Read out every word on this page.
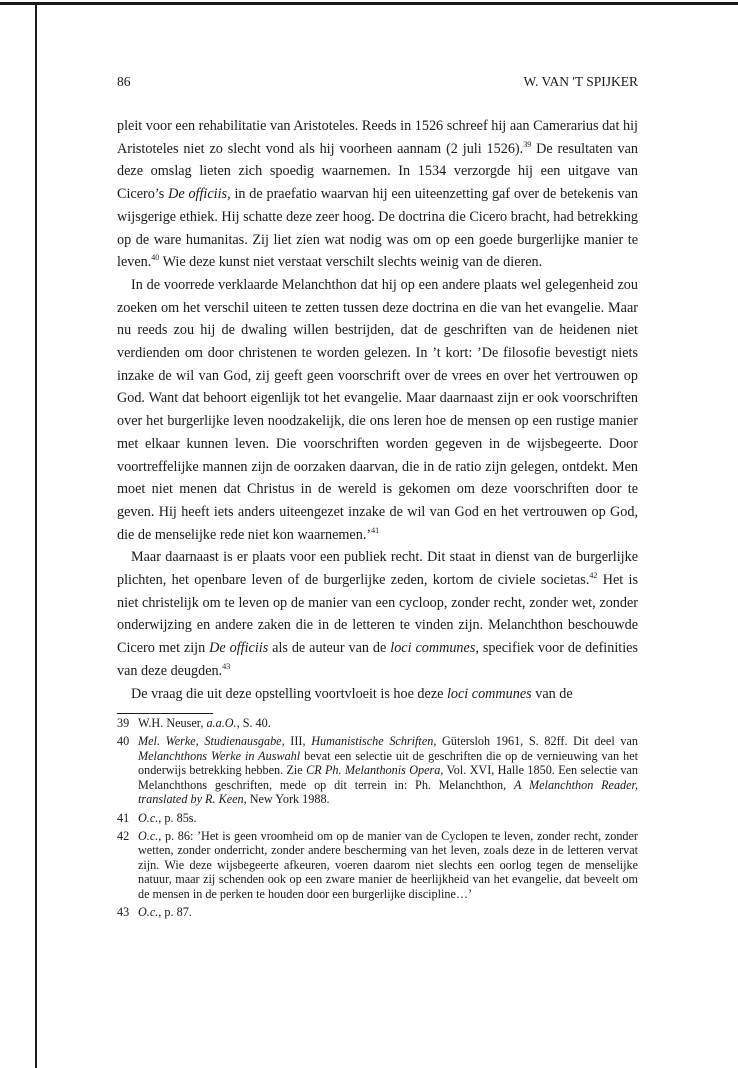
86	W. VAN 'T SPIJKER

pleit voor een rehabilitatie van Aristoteles. Reeds in 1526 schreef hij aan Camerarius dat hij Aristoteles niet zo slecht vond als hij voorheen aannam (2 juli 1526).$^{39}$ De resultaten van deze omslag lieten zich spoedig waarnemen. In 1534 verzorgde hij een uitgave van Cicero’s De officiis, in de praefatio waarvan hij een uiteenzetting gaf over de betekenis van wijsgerige ethiek. Hij schatte deze zeer hoog. De doctrina die Cicero bracht, had betrekking op de ware humanitas. Zij liet zien wat nodig was om op een goede burgerlijke manier te leven.$^{40}$ Wie deze kunst niet verstaat verschilt slechts weinig van de dieren.

In de voorrede verklaarde Melanchthon dat hij op een andere plaats wel gelegenheid zou zoeken om het verschil uiteen te zetten tussen deze doctrina en die van het evangelie. Maar nu reeds zou hij de dwaling willen bestrijden, dat de geschriften van de heidenen niet verdienden om door christenen te worden gelezen. In ’t kort: ’De filosofie bevestigt niets inzake de wil van God, zij geeft geen voorschrift over de vrees en over het vertrouwen op God. Want dat behoort eigenlijk tot het evangelie. Maar daarnaast zijn er ook voorschriften over het burgerlijke leven noodzakelijk, die ons leren hoe de mensen op een rustige manier met elkaar kunnen leven. Die voorschriften worden gegeven in de wijsbegeerte. Door voortreffelijke mannen zijn de oorzaken daarvan, die in de ratio zijn gelegen, ontdekt. Men moet niet menen dat Christus in de wereld is gekomen om deze voorschriften door te geven. Hij heeft iets anders uiteengezet inzake de wil van God en het vertrouwen op God, die de menselijke rede niet kon waarnemen.’$^{41}$

Maar daarnaast is er plaats voor een publiek recht. Dit staat in dienst van de burgerlijke plichten, het openbare leven of de burgerlijke zeden, kortom de civiele societas.$^{42}$ Het is niet christelijk om te leven op de manier van een cycloop, zonder recht, zonder wet, zonder onderwijzing en andere zaken die in de letteren te vinden zijn. Melanchthon beschouwde Cicero met zijn De officiis als de auteur van de loci communes, specifiek voor de definities van deze deugden.$^{43}$

De vraag die uit deze opstelling voortvloeit is hoe deze loci communes van de

39 W.H. Neuser, a.a.O., S. 40.
40 Mel. Werke, Studienausgabe, III, Humanistische Schriften, Gütersloh 1961, S. 82ff. Dit deel van Melanchthons Werke in Auswahl bevat een selectie uit de geschriften die op de vernieuwing van het onderwijs betrekking hebben. Zie CR Ph. Melanthonis Opera, Vol. XVI, Halle 1850. Een selectie van Melanchthons geschriften, mede op dit terrein in: Ph. Melanchthon, A Melanchthon Reader, translated by R. Keen, New York 1988.
41 O.c., p. 85s.
42 O.c., p. 86: ’Het is geen vroomheid om op de manier van de Cyclopen te leven, zonder recht, zonder wetten, zonder onderricht, zonder andere bescherming van het leven, zoals deze in de letteren vervat zijn. Wie deze wijsbegeerte afkeuren, voeren daarom niet slechts een oorlog tegen de menselijke natuur, maar zij schenden ook op een zware manier de heerlijkheid van het evangelie, dat beveelt om de mensen in de perken te houden door een burgerlijke discipline…’
43 O.c., p. 87.
